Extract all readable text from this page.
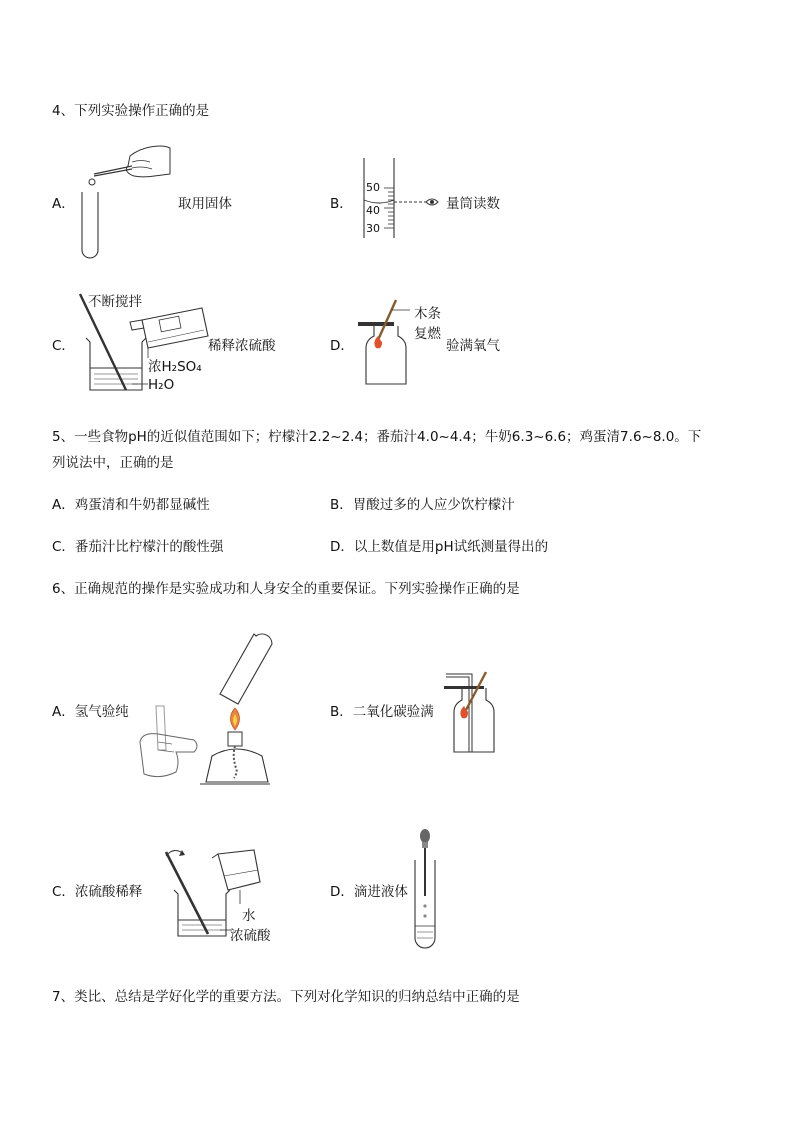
4、下列实验操作正确的是
A．	取用固体	B．
50
40
30
量筒读数
C．
不断搅拌
稀释浓硫酸
浓H₂SO₄
H₂O
D．
木条
复燃
验满氧气
5、一些食物pH的近似值范围如下；柠檬汁2.2~2.4；番茄汁4.0~4.4；牛奶6.3~6.6；鸡蛋清7.6~8.0。下
列说法中，正确的是
A．鸡蛋清和牛奶都显碱性	B．胃酸过多的人应少饮柠檬汁
C．番茄汁比柠檬汁的酸性强	D．以上数值是用pH试纸测量得出的
6、正确规范的操作是实验成功和人身安全的重要保证。下列实验操作正确的是
A．氢气验纯	B．二氧化碳验满
C．浓硫酸稀释
水
浓硫酸
D．滴进液体
7、类比、总结是学好化学的重要方法。下列对化学知识的归纳总结中正确的是
